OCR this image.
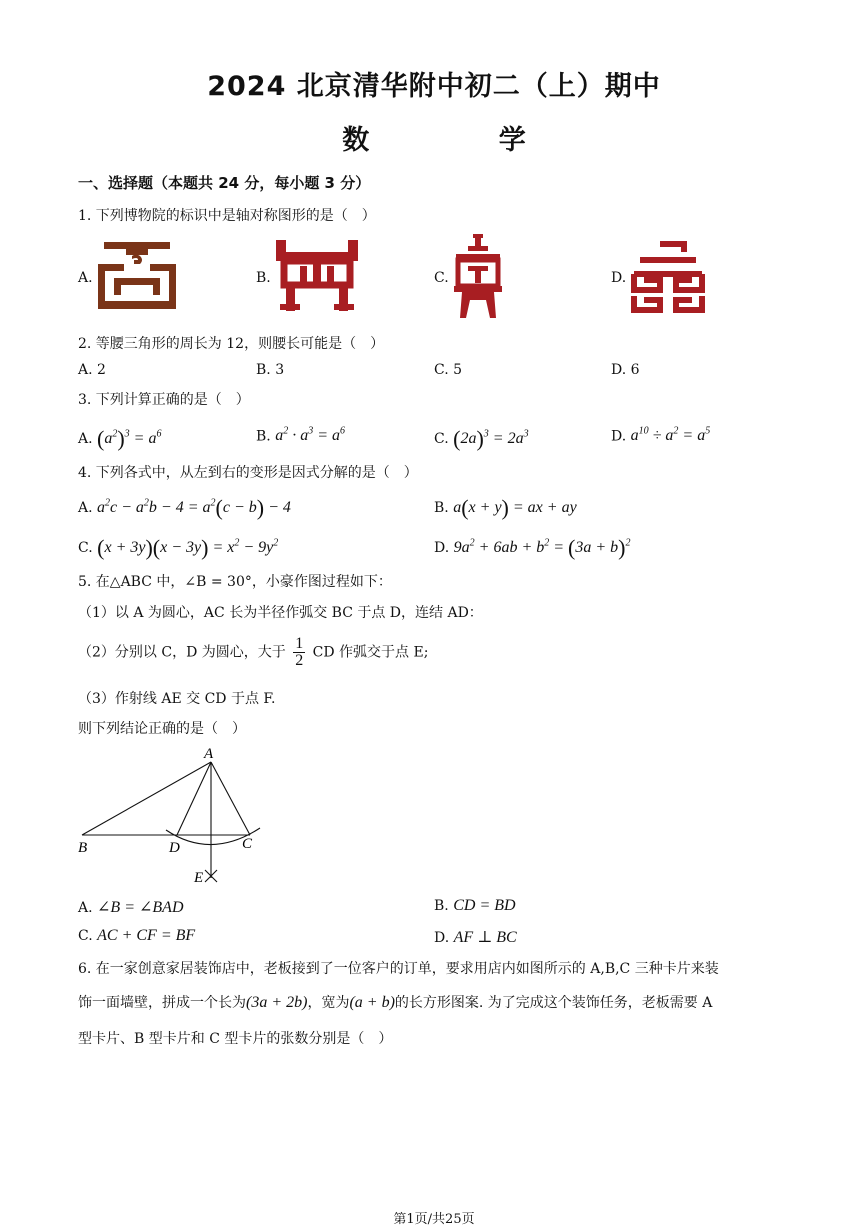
2024 北京清华附中初二（上）期中
数 学
一、选择题（本题共 24 分，每小题 3 分）
1. 下列博物院的标识中是轴对称图形的是（　）
A.	B.	C.	D.
2. 等腰三角形的周长为 12，则腰长可能是（　）
A. 2	B. 3	C. 5	D. 6
3. 下列计算正确的是（　）
A. $(a^2)^3 = a^6$	B. $a^2 \cdot a^3 = a^6$	C. $(2a)^3 = 2a^3$	D. $a^{10} \div a^2 = a^5$
4. 下列各式中，从左到右的变形是因式分解的是（　）
A. $a^2c - a^2b - 4 = a^2(c - b) - 4$	B. a(x + y) = ax + ay
C. $(x + 3y)(x - 3y) = x^2 - 9y^2$	D. $9a^2 + 6ab + b^2 = (3a + b)^2$
5. 在△ABC 中，∠B = 30°，小豪作图过程如下：
（1）以 A 为圆心，AC 长为半径作弧交 BC 于点 D，连结 AD：
（2）分别以 C，D 为圆心，大于 $\frac{1}{2}$ CD 作弧交于点 E;
（3）作射线 AE 交 CD 于点 F.
则下列结论正确的是（　）
A
B	D	C
E
A. ∠B = ∠BAD	B. CD = BD
C. AC + CF = BF	D. AF ⊥ BC
6. 在一家创意家居装饰店中，老板接到了一位客户的订单，要求用店内如图所示的 A,B,C 三种卡片来装
饰一面墙壁，拼成一个长为(3a + 2b)，宽为(a + b)的长方形图案. 为了完成这个装饰任务，老板需要 A
型卡片、B 型卡片和 C 型卡片的张数分别是（　）
第1页/共25页
